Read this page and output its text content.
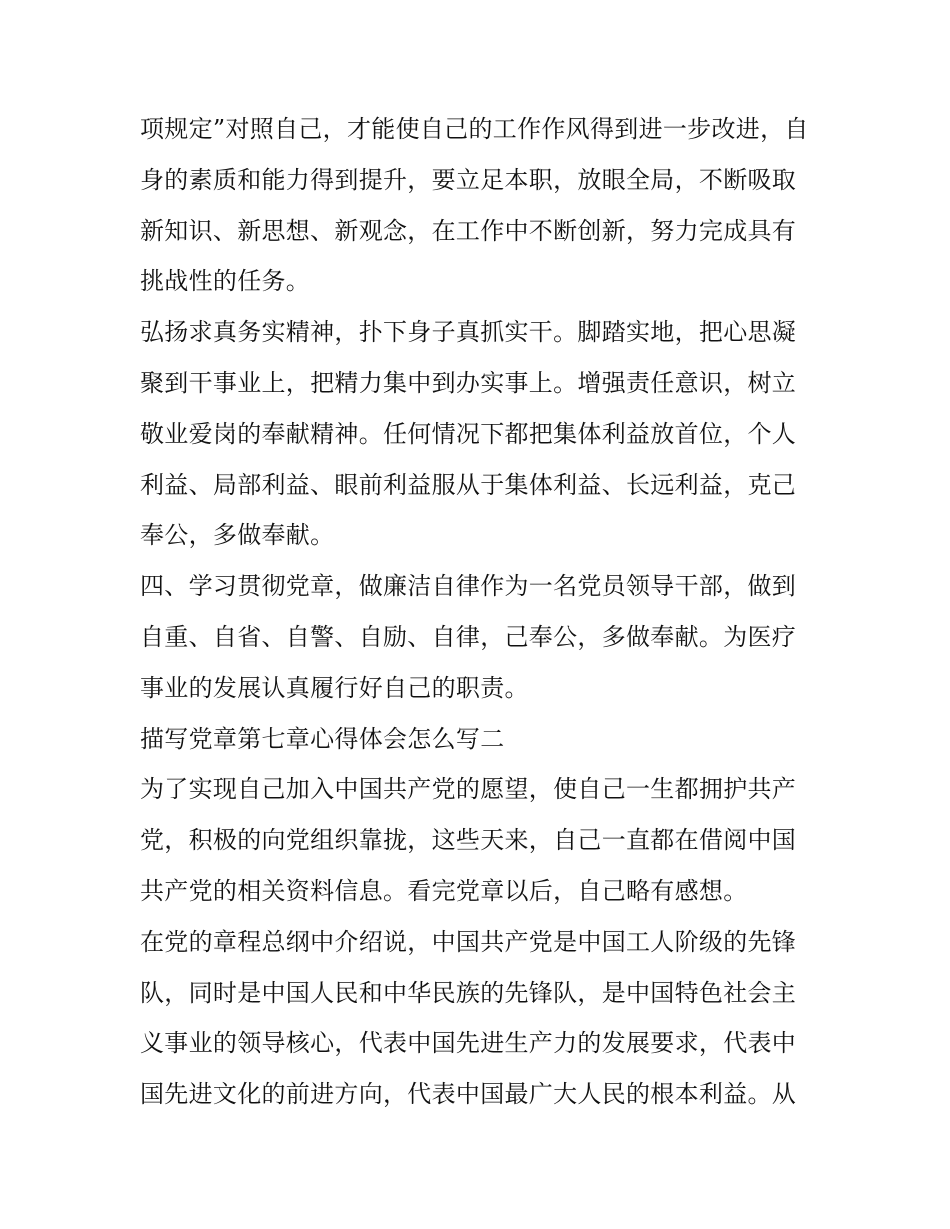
项规定”对照自己，才能使自己的工作作风得到进一步改进，自身的素质和能力得到提升，要立足本职，放眼全局，不断吸取新知识、新思想、新观念，在工作中不断创新，努力完成具有挑战性的任务。

弘扬求真务实精神，扑下身子真抓实干。脚踏实地，把心思凝聚到干事业上，把精力集中到办实事上。增强责任意识，树立敬业爱岗的奉献精神。任何情况下都把集体利益放首位，个人利益、局部利益、眼前利益服从于集体利益、长远利益，克己奉公，多做奉献。

四、学习贯彻党章，做廉洁自律作为一名党员领导干部，做到自重、自省、自警、自励、自律，己奉公，多做奉献。为医疗事业的发展认真履行好自己的职责。

描写党章第七章心得体会怎么写二

为了实现自己加入中国共产党的愿望，使自己一生都拥护共产党，积极的向党组织靠拢，这些天来，自己一直都在借阅中国共产党的相关资料信息。看完党章以后，自己略有感想。

在党的章程总纲中介绍说，中国共产党是中国工人阶级的先锋队，同时是中国人民和中华民族的先锋队，是中国特色社会主义事业的领导核心，代表中国先进生产力的发展要求，代表中国先进文化的前进方向，代表中国最广大人民的根本利益。从
